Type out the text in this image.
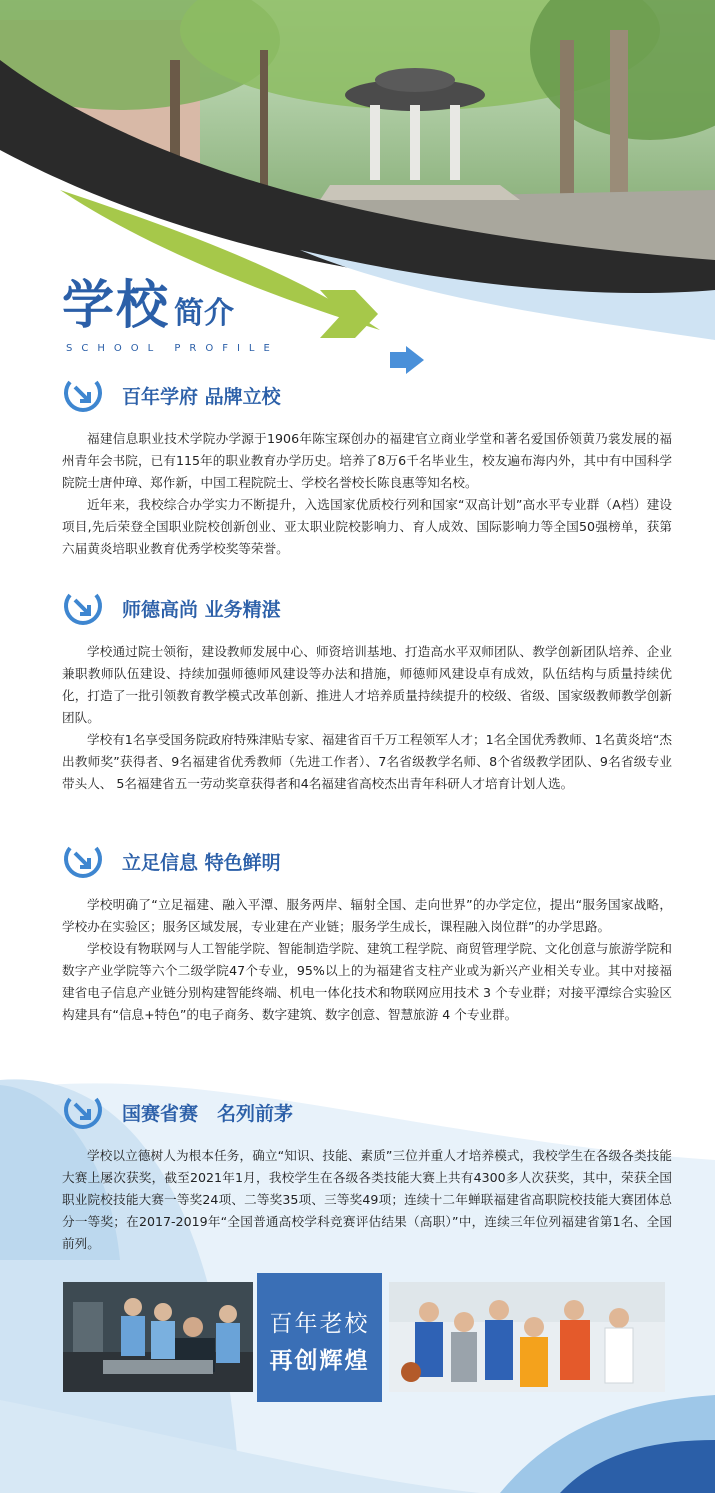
学校 简介
SCHOOL PROFILE
百年学府 品牌立校

福建信息职业技术学院办学源于1906年陈宝琛创办的福建官立商业学堂和著名爱国侨领黄乃裳发展的福州青年会书院，已有115年的职业教育办学历史。培养了8万6千名毕业生，校友遍布海内外，其中有中国科学院院士唐仲璋、郑作新，中国工程院院士、学校名誉校长陈良惠等知名校。

近年来，我校综合办学实力不断提升，入选国家优质校行列和国家“双高计划”高水平专业群（A档）建设项目,先后荣登全国职业院校创新创业、亚太职业院校影响力、育人成效、国际影响力等全国50强榜单，获第六届黄炎培职业教育优秀学校奖等荣誉。

师德高尚 业务精湛

学校通过院士领衔，建设教师发展中心、师资培训基地、打造高水平双师团队、教学创新团队培养、企业兼职教师队伍建设、持续加强师德师风建设等办法和措施，师德师风建设卓有成效，队伍结构与质量持续优化，打造了一批引领教育教学模式改革创新、推进人才培养质量持续提升的校级、省级、国家级教师教学创新团队。

学校有1名享受国务院政府特殊津贴专家、福建省百千万工程领军人才；1名全国优秀教师、1名黄炎培“杰出教师奖”获得者、9名福建省优秀教师（先进工作者）、7名省级教学名师、8个省级教学团队、9名省级专业带头人、 5名福建省五一劳动奖章获得者和4名福建省高校杰出青年科研人才培育计划人选。

立足信息 特色鲜明

学校明确了“立足福建、融入平潭、服务两岸、辐射全国、走向世界”的办学定位，提出“服务国家战略，学校办在实验区；服务区域发展，专业建在产业链；服务学生成长，课程融入岗位群”的办学思路。

学校设有物联网与人工智能学院、智能制造学院、建筑工程学院、商贸管理学院、文化创意与旅游学院和数字产业学院等六个二级学院47个专业，95%以上的为福建省支柱产业或为新兴产业相关专业。其中对接福建省电子信息产业链分别构建智能终端、机电一体化技术和物联网应用技术 3 个专业群；对接平潭综合实验区构建具有“信息+特色”的电子商务、数字建筑、数字创意、智慧旅游 4 个专业群。

国赛省赛　名列前茅

学校以立德树人为根本任务，确立“知识、技能、素质”三位并重人才培养模式，我校学生在各级各类技能大赛上屡次获奖，截至2021年1月，我校学生在各级各类技能大赛上共有4300多人次获奖，其中，荣获全国职业院校技能大赛一等奖24项、二等奖35项、三等奖49项；连续十二年蝉联福建省高职院校技能大赛团体总分一等奖；在2017-2019年“全国普通高校学科竞赛评估结果（高职）”中，连续三年位列福建省第1名、全国前列。

百年老校
再创辉煌
